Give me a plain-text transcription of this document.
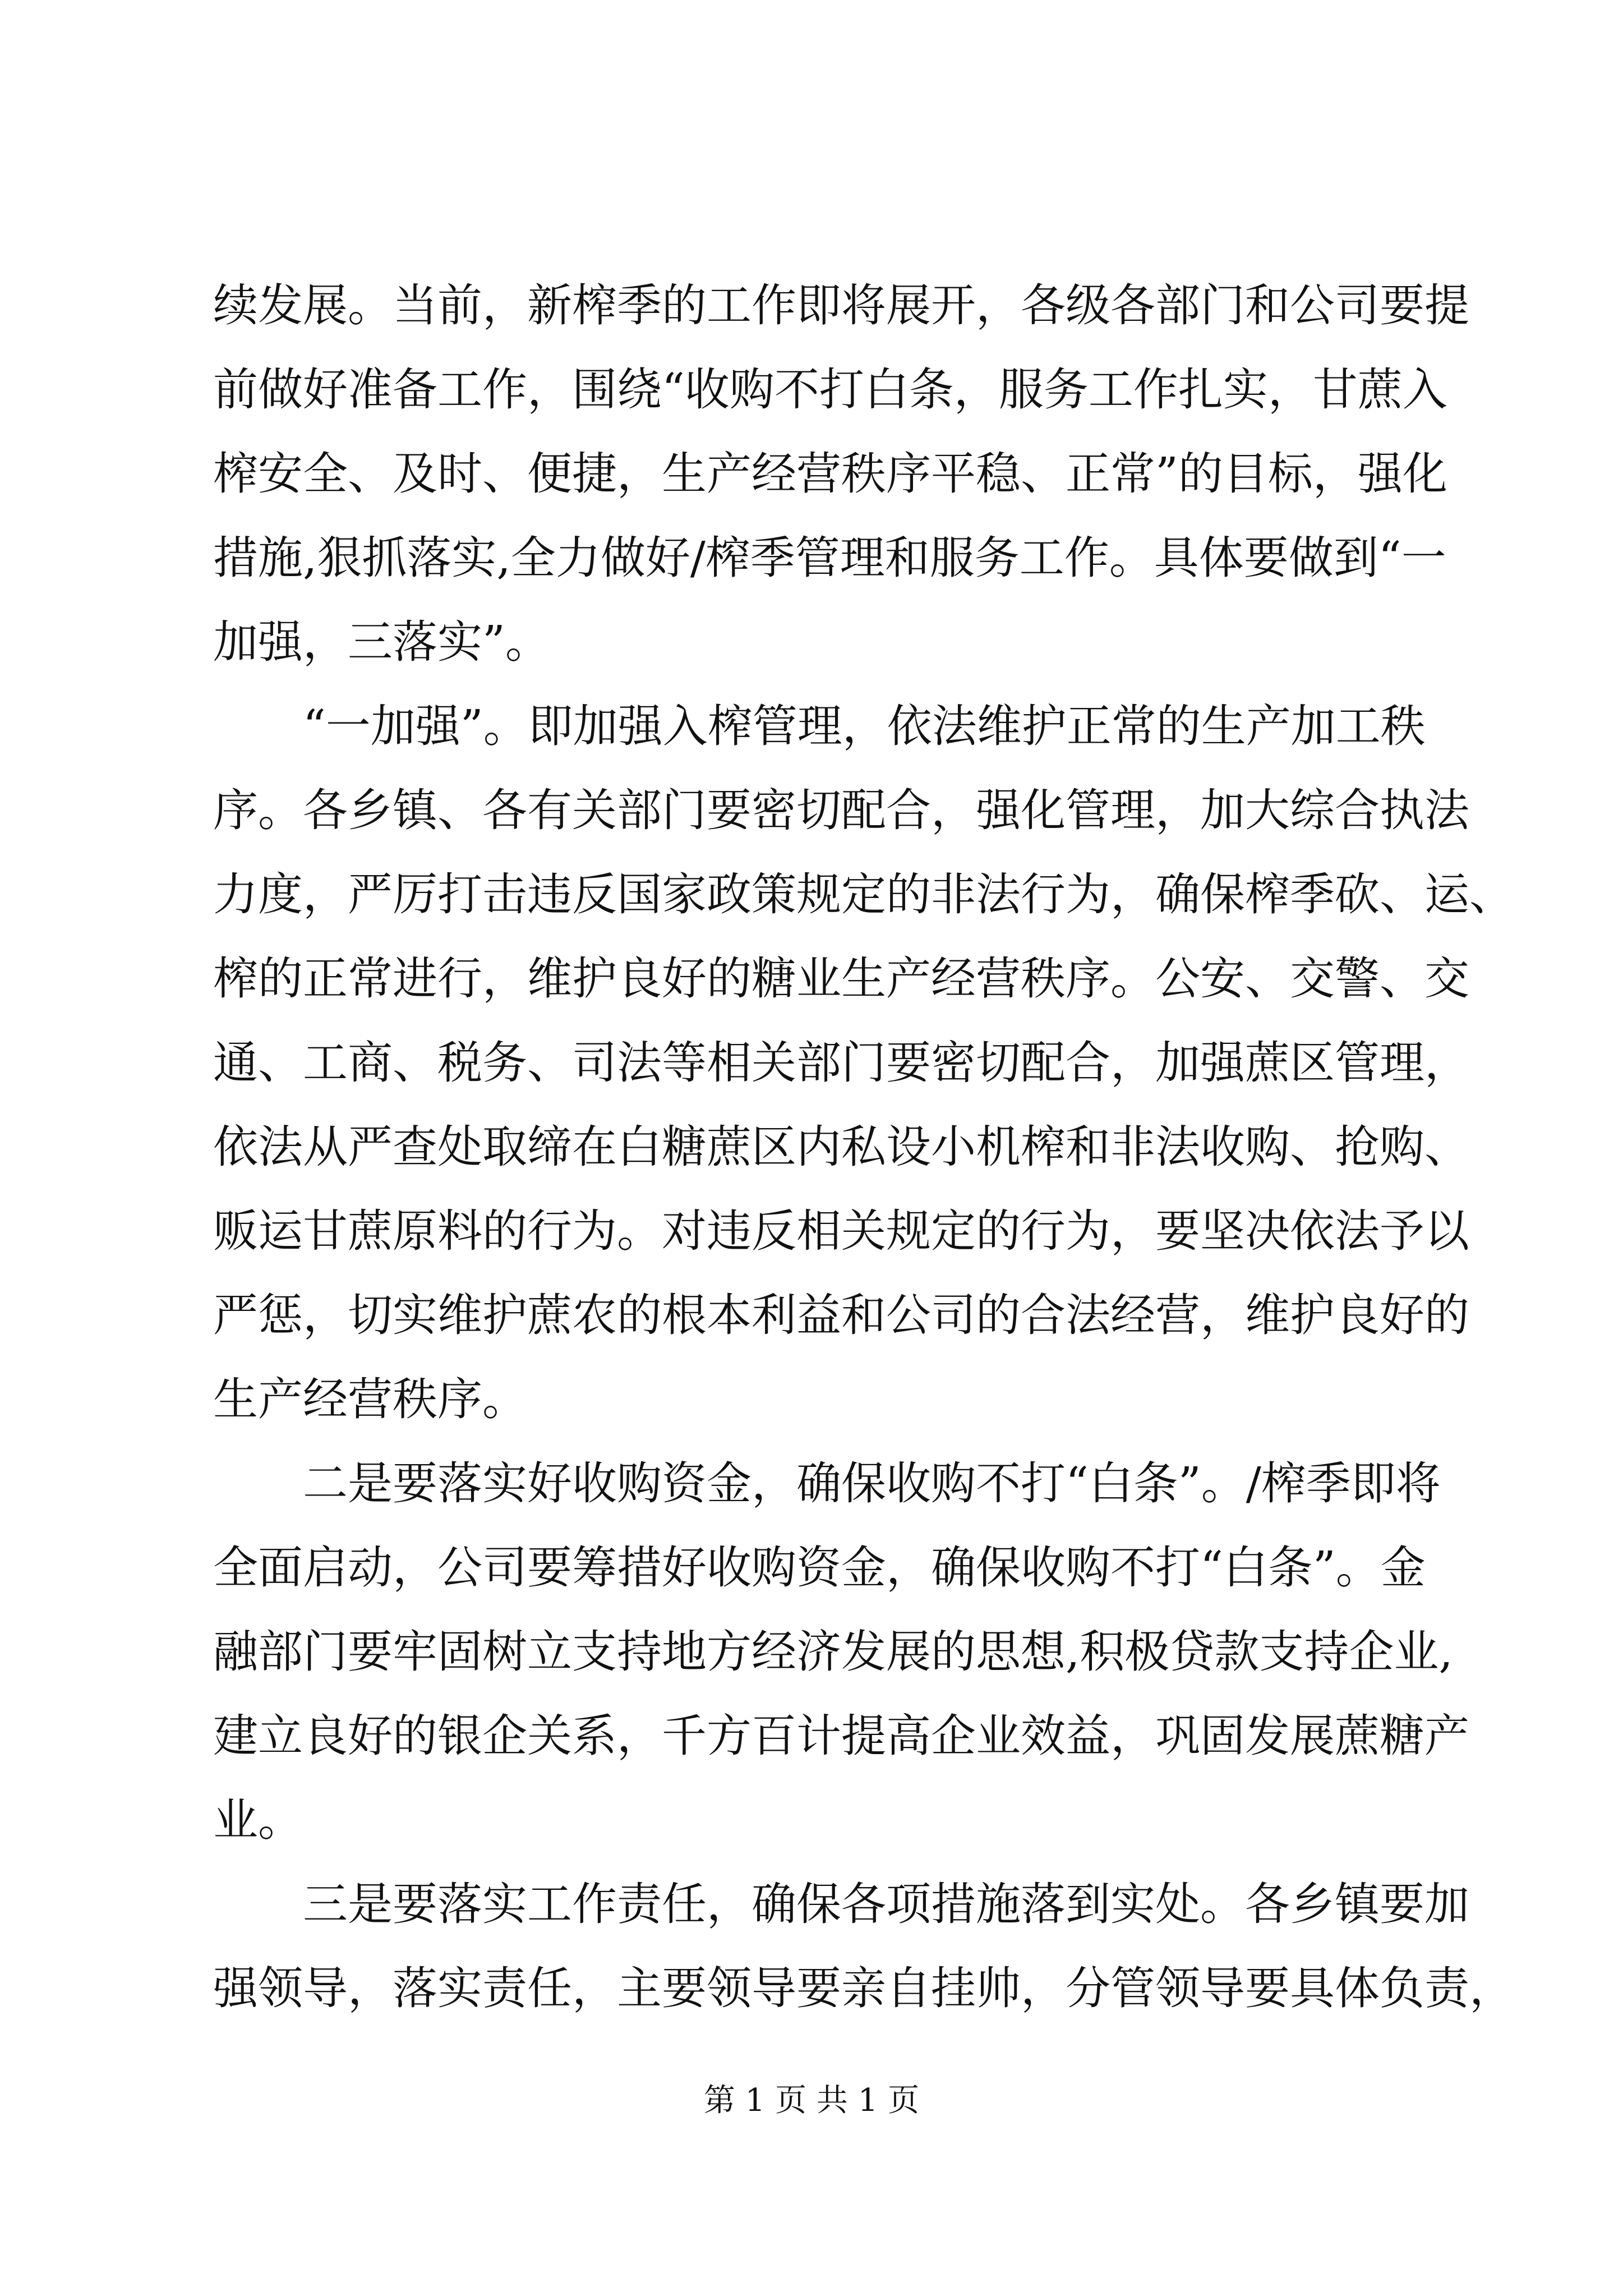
续发展。当前，新榨季的工作即将展开，各级各部门和公司要提
前做好准备工作，围绕“收购不打白条，服务工作扎实，甘蔗入
榨安全、及时、便捷，生产经营秩序平稳、正常”的目标，强化
措施,狠抓落实,全力做好/榨季管理和服务工作。具体要做到“一
加强，三落实”。
“一加强”。即加强入榨管理，依法维护正常的生产加工秩
序。各乡镇、各有关部门要密切配合，强化管理，加大综合执法
力度，严厉打击违反国家政策规定的非法行为，确保榨季砍、运、
榨的正常进行，维护良好的糖业生产经营秩序。公安、交警、交
通、工商、税务、司法等相关部门要密切配合，加强蔗区管理，
依法从严查处取缔在白糖蔗区内私设小机榨和非法收购、抢购、
贩运甘蔗原料的行为。对违反相关规定的行为，要坚决依法予以
严惩，切实维护蔗农的根本利益和公司的合法经营，维护良好的
生产经营秩序。
二是要落实好收购资金，确保收购不打“白条”。/榨季即将
全面启动，公司要筹措好收购资金，确保收购不打“白条”。金
融部门要牢固树立支持地方经济发展的思想,积极贷款支持企业,
建立良好的银企关系，千方百计提高企业效益，巩固发展蔗糖产
业。
三是要落实工作责任，确保各项措施落到实处。各乡镇要加
强领导，落实责任，主要领导要亲自挂帅，分管领导要具体负责，
第 1 页 共 1 页
